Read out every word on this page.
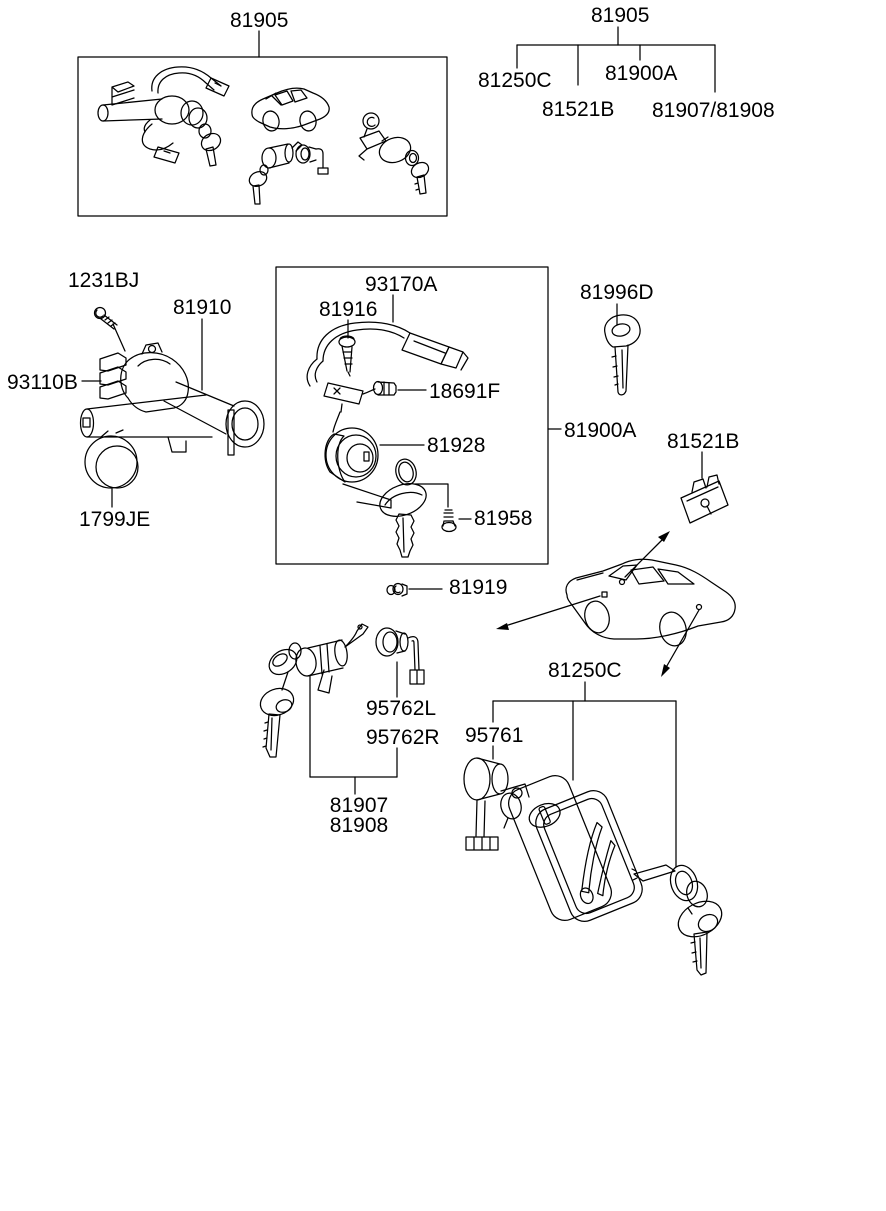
81905	81905
81250C
81521B
81900A
81907/81908
1231BJ
81910
93110B
1799JE
93170A
81916
18691F
81928
81958
81900A
81996D
81521B
81919
95762L
95762R
81907
81908
81250C
95761
